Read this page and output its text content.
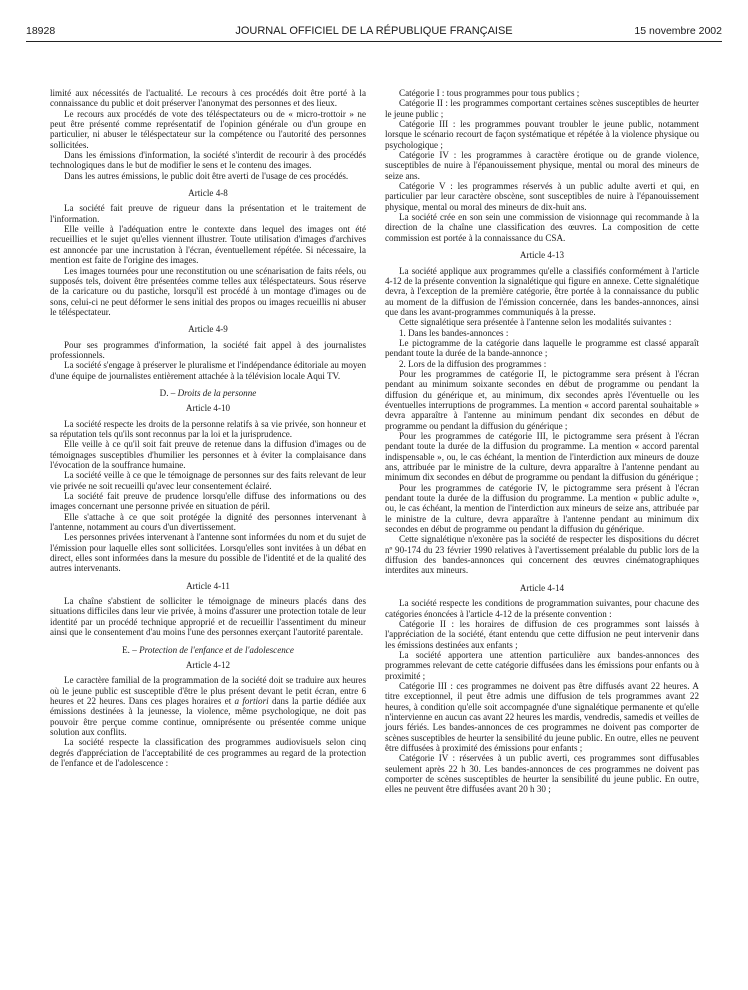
18928	JOURNAL OFFICIEL DE LA RÉPUBLIQUE FRANÇAISE	15 novembre 2002

limité aux nécessités de l'actualité. Le recours à ces procédés doit être porté à la connaissance du public et doit préserver l'anonymat des personnes et des lieux.

Le recours aux procédés de vote des téléspectateurs ou de « micro-trottoir » ne peut être présenté comme représentatif de l'opinion générale ou d'un groupe en particulier, ni abuser le téléspectateur sur la compétence ou l'autorité des personnes sollicitées.

Dans les émissions d'information, la société s'interdit de recourir à des procédés technologiques dans le but de modifier le sens et le contenu des images.

Dans les autres émissions, le public doit être averti de l'usage de ces procédés.

Article 4-8

La société fait preuve de rigueur dans la présentation et le traitement de l'information.

Elle veille à l'adéquation entre le contexte dans lequel des images ont été recueillies et le sujet qu'elles viennent illustrer. Toute utilisation d'images d'archives est annoncée par une incrustation à l'écran, éventuellement répétée. Si nécessaire, la mention est faite de l'origine des images.

Les images tournées pour une reconstitution ou une scénarisation de faits réels, ou supposés tels, doivent être présentées comme telles aux téléspectateurs. Sous réserve de la caricature ou du pastiche, lorsqu'il est procédé à un montage d'images ou de sons, celui-ci ne peut déformer le sens initial des propos ou images recueillis ni abuser le téléspectateur.

Article 4-9

Pour ses programmes d'information, la société fait appel à des journalistes professionnels.

La société s'engage à préserver le pluralisme et l'indépendance éditoriale au moyen d'une équipe de journalistes entièrement attachée à la télévision locale Aqui TV.

D. – Droits de la personne
Article 4-10

La société respecte les droits de la personne relatifs à sa vie privée, son honneur et sa réputation tels qu'ils sont reconnus par la loi et la jurisprudence.

Elle veille à ce qu'il soit fait preuve de retenue dans la diffusion d'images ou de témoignages susceptibles d'humilier les personnes et à éviter la complaisance dans l'évocation de la souffrance humaine.

La société veille à ce que le témoignage de personnes sur des faits relevant de leur vie privée ne soit recueilli qu'avec leur consentement éclairé.

La société fait preuve de prudence lorsqu'elle diffuse des informations ou des images concernant une personne privée en situation de péril.

Elle s'attache à ce que soit protégée la dignité des personnes intervenant à l'antenne, notamment au cours d'un divertissement.

Les personnes privées intervenant à l'antenne sont informées du nom et du sujet de l'émission pour laquelle elles sont sollicitées. Lorsqu'elles sont invitées à un débat en direct, elles sont informées dans la mesure du possible de l'identité et de la qualité des autres intervenants.

Article 4-11

La chaîne s'abstient de solliciter le témoignage de mineurs placés dans des situations difficiles dans leur vie privée, à moins d'assurer une protection totale de leur identité par un procédé technique approprié et de recueillir l'assentiment du mineur ainsi que le consentement d'au moins l'une des personnes exerçant l'autorité parentale.

E. – Protection de l'enfance et de l'adolescence
Article 4-12

Le caractère familial de la programmation de la société doit se traduire aux heures où le jeune public est susceptible d'être le plus présent devant le petit écran, entre 6 heures et 22 heures. Dans ces plages horaires et a fortiori dans la partie dédiée aux émissions destinées à la jeunesse, la violence, même psychologique, ne doit pas pouvoir être perçue comme continue, omniprésente ou présentée comme unique solution aux conflits.

La société respecte la classification des programmes audiovisuels selon cinq degrés d'appréciation de l'acceptabilité de ces programmes au regard de la protection de l'enfance et de l'adolescence :

Catégorie I : tous programmes pour tous publics ;

Catégorie II : les programmes comportant certaines scènes susceptibles de heurter le jeune public ;

Catégorie III : les programmes pouvant troubler le jeune public, notamment lorsque le scénario recourt de façon systématique et répétée à la violence physique ou psychologique ;

Catégorie IV : les programmes à caractère érotique ou de grande violence, susceptibles de nuire à l'épanouissement physique, mental ou moral des mineurs de seize ans.

Catégorie V : les programmes réservés à un public adulte averti et qui, en particulier par leur caractère obscène, sont susceptibles de nuire à l'épanouissement physique, mental ou moral des mineurs de dix-huit ans.

La société crée en son sein une commission de visionnage qui recommande à la direction de la chaîne une classification des œuvres. La composition de cette commission est portée à la connaissance du CSA.

Article 4-13

La société applique aux programmes qu'elle a classifiés conformément à l'article 4-12 de la présente convention la signalétique qui figure en annexe. Cette signalétique devra, à l'exception de la première catégorie, être portée à la connaissance du public au moment de la diffusion de l'émission concernée, dans les bandes-annonces, ainsi que dans les avant-programmes communiqués à la presse.

Cette signalétique sera présentée à l'antenne selon les modalités suivantes :

1. Dans les bandes-annonces :

Le pictogramme de la catégorie dans laquelle le programme est classé apparaît pendant toute la durée de la bande-annonce ;

2. Lors de la diffusion des programmes :

Pour les programmes de catégorie II, le pictogramme sera présent à l'écran pendant au minimum soixante secondes en début de programme ou pendant la diffusion du générique et, au minimum, dix secondes après l'éventuelle ou les éventuelles interruptions de programmes. La mention « accord parental souhaitable » devra apparaître à l'antenne au minimum pendant dix secondes en début de programme ou pendant la diffusion du générique ;

Pour les programmes de catégorie III, le pictogramme sera présent à l'écran pendant toute la durée de la diffusion du programme. La mention « accord parental indispensable », ou, le cas échéant, la mention de l'interdiction aux mineurs de douze ans, attribuée par le ministre de la culture, devra apparaître à l'antenne pendant au minimum dix secondes en début de programme ou pendant la diffusion du générique ;

Pour les programmes de catégorie IV, le pictogramme sera présent à l'écran pendant toute la durée de la diffusion du programme. La mention « public adulte », ou, le cas échéant, la mention de l'interdiction aux mineurs de seize ans, attribuée par le ministre de la culture, devra apparaître à l'antenne pendant au minimum dix secondes en début de programme ou pendant la diffusion du générique.

Cette signalétique n'exonère pas la société de respecter les dispositions du décret nº 90-174 du 23 février 1990 relatives à l'avertissement préalable du public lors de la diffusion des bandes-annonces qui concernent des œuvres cinématographiques interdites aux mineurs.

Article 4-14

La société respecte les conditions de programmation suivantes, pour chacune des catégories énoncées à l'article 4-12 de la présente convention :

Catégorie II : les horaires de diffusion de ces programmes sont laissés à l'appréciation de la société, étant entendu que cette diffusion ne peut intervenir dans les émissions destinées aux enfants ;

La société apportera une attention particulière aux bandes-annonces des programmes relevant de cette catégorie diffusées dans les émissions pour enfants ou à proximité ;

Catégorie III : ces programmes ne doivent pas être diffusés avant 22 heures. A titre exceptionnel, il peut être admis une diffusion de tels programmes avant 22 heures, à condition qu'elle soit accompagnée d'une signalétique permanente et qu'elle n'intervienne en aucun cas avant 22 heures les mardis, vendredis, samedis et veilles de jours fériés. Les bandes-annonces de ces programmes ne doivent pas comporter de scènes susceptibles de heurter la sensibilité du jeune public. En outre, elles ne peuvent être diffusées à proximité des émissions pour enfants ;

Catégorie IV : réservées à un public averti, ces programmes sont diffusables seulement après 22 h 30. Les bandes-annonces de ces programmes ne doivent pas comporter de scènes susceptibles de heurter la sensibilité du jeune public. En outre, elles ne peuvent être diffusées avant 20 h 30 ;
